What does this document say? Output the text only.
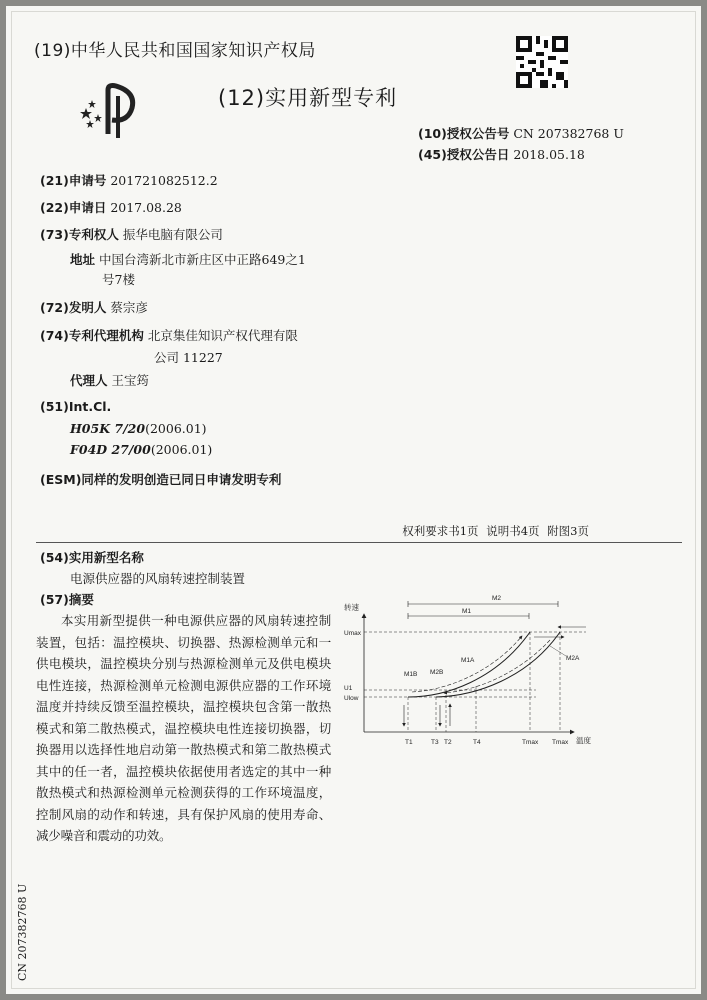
(19)中华人民共和国国家知识产权局
(12)实用新型专利
(10)授权公告号 CN 207382768 U
(45)授权公告日 2018.05.18
(21)申请号 201721082512.2
(22)申请日 2017.08.28
(73)专利权人 振华电脑有限公司
地址 中国台湾新北市新庄区中正路649之1
号7楼
(72)发明人 蔡宗彦
(74)专利代理机构 北京集佳知识产权代理有限
公司 11227
代理人 王宝筠
(51)Int.Cl.
H05K 7/20(2006.01)
F04D 27/00(2006.01)
(ESM)同样的发明创造已同日申请发明专利
权利要求书1页 说明书4页 附图3页
(54)实用新型名称
电源供应器的风扇转速控制装置
(57)摘要
本实用新型提供一种电源供应器的风扇转速控制装置，包括：温控模块、切换器、热源检测单元和一供电模块，温控模块分别与热源检测单元及供电模块电性连接，热源检测单元检测电源供应器的工作环境温度并持续反馈至温控模块，温控模块包含第一散热模式和第二散热模式，温控模块电性连接切换器，切换器用以选择性地启动第一散热模式和第二散热模式其中的任一者，温控模块依据使用者选定的其中一种散热模式和热源检测单元检测获得的工作环境温度，控制风扇的动作和转速，具有保护风扇的使用寿命、减少噪音和震动的功效。
转速
温度
Umax
U1
Ulow
M2
M1
M1B M2B
M1A	M2A
T1	T3 T2	T4	Tmax Tmax
CN 207382768 U
